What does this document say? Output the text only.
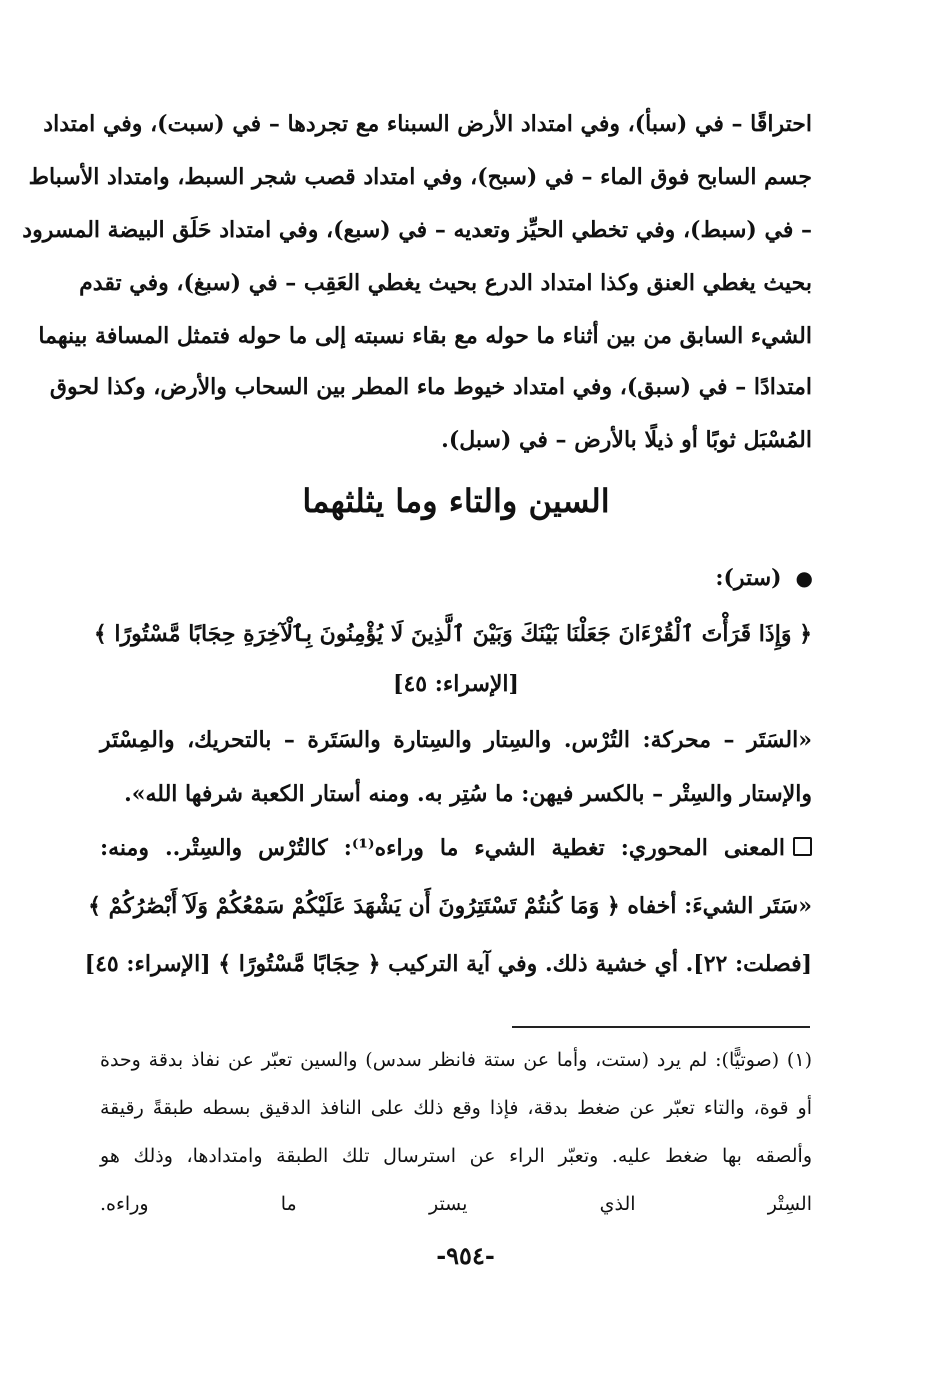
احتراقًا – في (سبأ)، وفي امتداد الأرض السبناء مع تجردها – في (سبت)، وفي امتداد
جسم السابح فوق الماء – في (سبح)، وفي امتداد قصب شجر السبط، وامتداد الأسباط
– في (سبط)، وفي تخطي الحيِّز وتعديه – في (سبع)، وفي امتداد حَلَق البيضة المسرود
بحيث يغطي العنق وكذا امتداد الدرع بحيث يغطي العَقِب – في (سبغ)، وفي تقدم
الشيء السابق من بين أثناء ما حوله مع بقاء نسبته إلى ما حوله فتمثل المسافة بينهما
امتدادًا – في (سبق)، وفي امتداد خيوط ماء المطر بين السحاب والأرض، وكذا لحوق
المُسْبَل ثوبًا أو ذيلًا بالأرض – في (سبل).
السين والتاء وما يثلثهما
●(ستر):
﴿ وَإِذَا قَرَأْتَ ٱلْقُرْءَانَ جَعَلْنَا بَيْنَكَ وَبَيْنَ ٱلَّذِينَ لَا يُؤْمِنُونَ بِٱلْآخِرَةِ حِجَابًا مَّسْتُورًا ﴾
[الإسراء: ٤٥]
«السَتَر – محركة: التُرْس. والسِتار والسِتارة والسَتَرة – بالتحريك، والمِسْتَر
والإستار والسِتْر – بالكسر فيهن: ما سُتِر به. ومنه أستار الكعبة شرفها الله».
المعنى المحوري: تغطية الشيء ما وراءه⁽¹⁾: كالتُرْس والسِتْر.. ومنه:
«سَتَر الشيءَ: أخفاه ﴿ وَمَا كُنتُمْ تَسْتَتِرُونَ أَن يَشْهَدَ عَلَيْكُمْ سَمْعُكُمْ وَلَآ أَبْصَٰرُكُمْ ﴾
[فصلت: ٢٢]. أي خشية ذلك. وفي آية التركيب ﴿ حِجَابًا مَّسْتُورًا ﴾ [الإسراء: ٤٥]
(١) (صوتيًّا): لم يرد (ستت، وأما عن ستة فانظر سدس) والسين تعبّر عن نفاذ بدقة وحدة
أو قوة، والتاء تعبّر عن ضغط بدقة، فإذا وقع ذلك على النافذ الدقيق بسطه طبقةً رقيقة
وألصقه بها ضغط عليه. وتعبّر الراء عن استرسال تلك الطبقة وامتدادها، وذلك هو
السِتْر الذي يستر ما وراءه.
-٩٥٤-
